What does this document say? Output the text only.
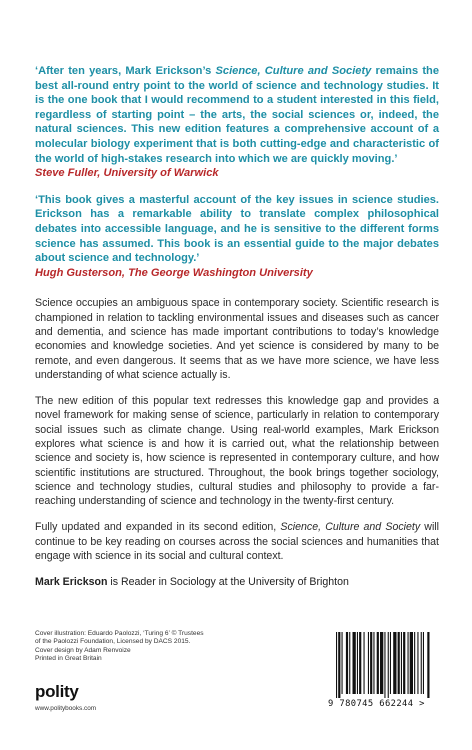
‘After ten years, Mark Erickson’s Science, Culture and Society remains the best all-round entry point to the world of science and technology studies. It is the one book that I would recommend to a student interested in this field, regardless of starting point – the arts, the social sciences or, indeed, the natural sciences. This new edition features a comprehensive account of a molecular biology experiment that is both cutting-edge and characteristic of the world of high-stakes research into which we are quickly moving.’
Steve Fuller, University of Warwick
‘This book gives a masterful account of the key issues in science studies. Erickson has a remarkable ability to translate complex philosophical debates into accessible language, and he is sensitive to the different forms science has assumed. This book is an essential guide to the major debates about science and technology.’
Hugh Gusterson, The George Washington University

Science occupies an ambiguous space in contemporary society. Scientific research is championed in relation to tackling environmental issues and diseases such as cancer and dementia, and science has made important contributions to today’s knowledge economies and knowledge societies. And yet science is considered by many to be remote, and even dangerous. It seems that as we have more science, we have less understanding of what science actually is.

The new edition of this popular text redresses this knowledge gap and provides a novel framework for making sense of science, particularly in relation to contemporary social issues such as climate change. Using real-world examples, Mark Erickson explores what science is and how it is carried out, what the relationship between science and society is, how science is represented in contemporary culture, and how scientific institutions are structured. Throughout, the book brings together sociology, science and technology studies, cultural studies and philosophy to provide a far-reaching understanding of science and technology in the twenty-first century.

Fully updated and expanded in its second edition, Science, Culture and Society will continue to be key reading on courses across the social sciences and humanities that engage with science in its social and cultural context.

Mark Erickson is Reader in Sociology at the University of Brighton
Cover illustration: Eduardo Paolozzi, ‘Turing 6’ © Trustees
of the Paolozzi Foundation, Licensed by DACS 2015.
Cover design by Adam Renvoize
Printed in Great Britain
polity
www.politybooks.com	9 780745 662244 >
